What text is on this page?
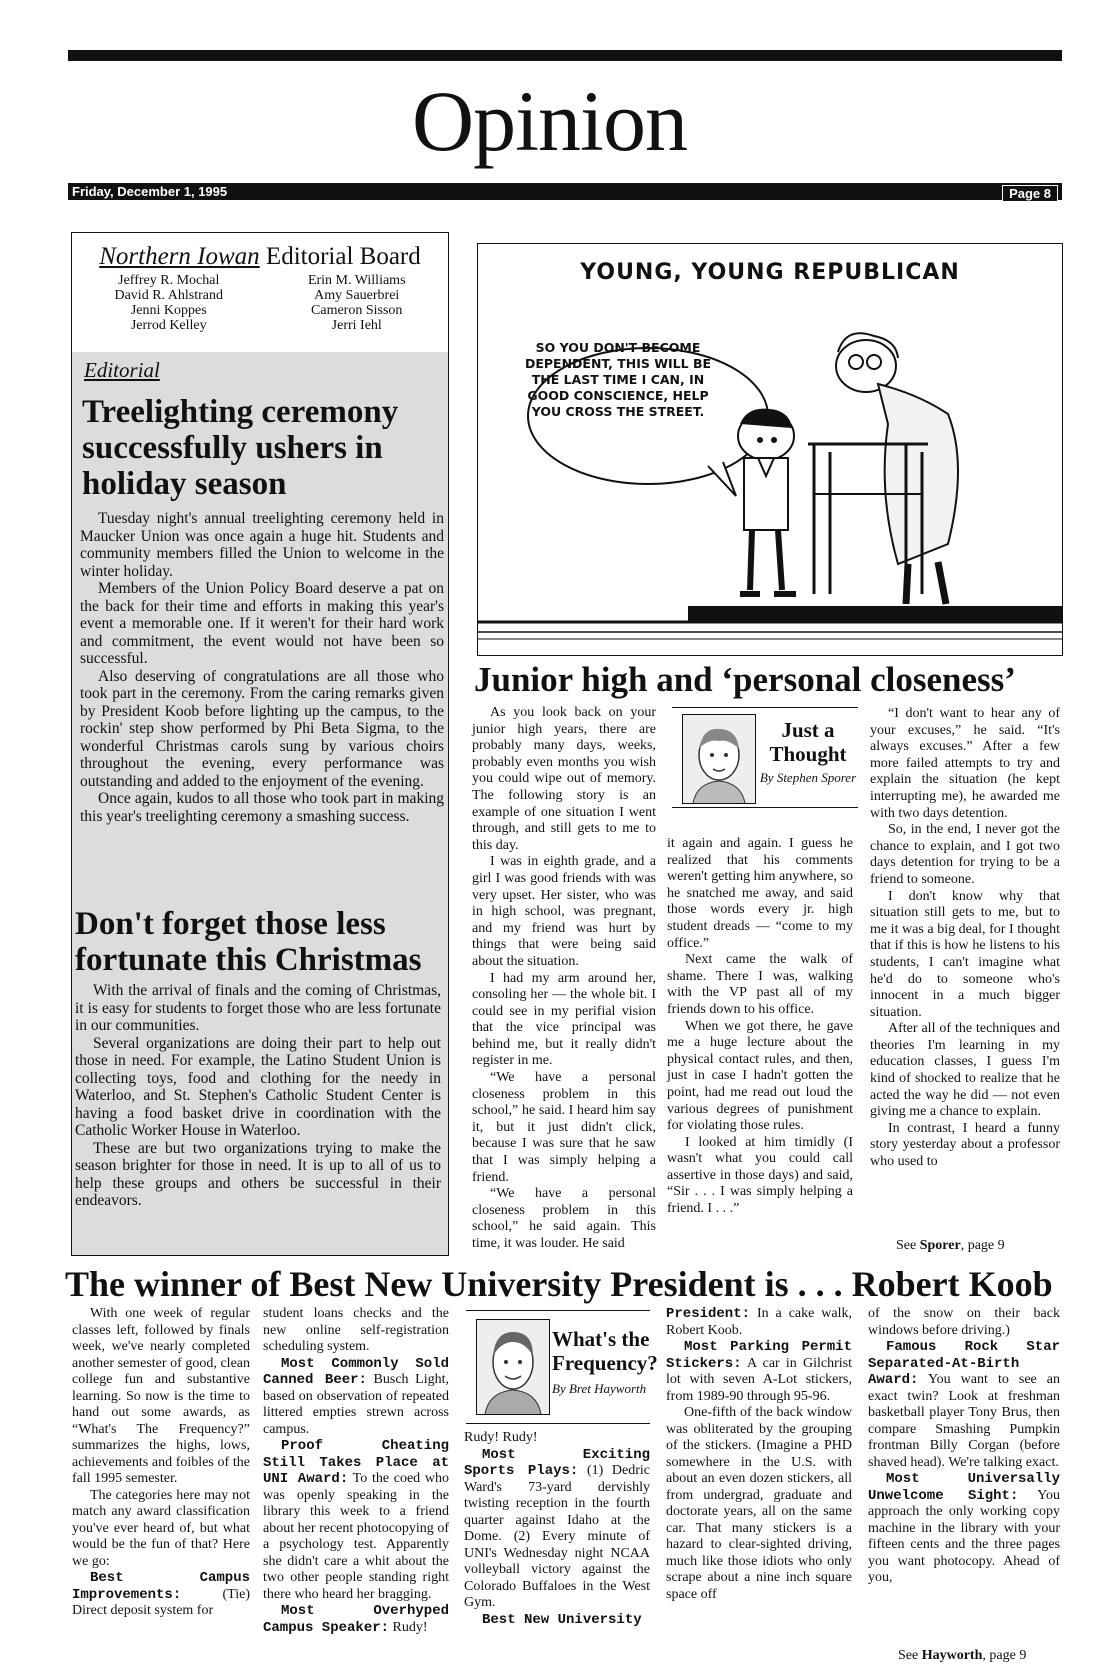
Opinion
Friday, December 1, 1995	Page 8
Northern Iowan Editorial Board
Jeffrey R. Mochal
David R. Ahlstrand
Jenni Koppes
Jerrod Kelley
Erin M. Williams
Amy Sauerbrei
Cameron Sisson
Jerri Iehl
Editorial
Treelighting ceremony successfully ushers in holiday season

Tuesday night's annual treelighting ceremony held in Maucker Union was once again a huge hit. Students and community members filled the Union to welcome in the winter holiday.

Members of the Union Policy Board deserve a pat on the back for their time and efforts in making this year's event a memorable one. If it weren't for their hard work and commitment, the event would not have been so successful.

Also deserving of congratulations are all those who took part in the ceremony. From the caring remarks given by President Koob before lighting up the campus, to the rockin' step show performed by Phi Beta Sigma, to the wonderful Christmas carols sung by various choirs throughout the evening, every performance was outstanding and added to the enjoyment of the evening.

Once again, kudos to all those who took part in making this year's treelighting ceremony a smashing success.

Don't forget those less fortunate this Christmas

With the arrival of finals and the coming of Christmas, it is easy for students to forget those who are less fortunate in our communities.

Several organizations are doing their part to help out those in need. For example, the Latino Student Union is collecting toys, food and clothing for the needy in Waterloo, and St. Stephen's Catholic Student Center is having a food basket drive in coordination with the Catholic Worker House in Waterloo.

These are but two organizations trying to make the season brighter for those in need. It is up to all of us to help these groups and others be successful in their endeavors.

YOUNG, YOUNG REPUBLICAN
SO YOU DON'T BECOME DEPENDENT, THIS WILL BE THE LAST TIME I CAN, IN GOOD CONSCIENCE, HELP YOU CROSS THE STREET.
Junior high and ‘personal closeness’

As you look back on your junior high years, there are probably many days, weeks, probably even months you wish you could wipe out of memory. The following story is an example of one situation I went through, and still gets to me to this day.

I was in eighth grade, and a girl I was good friends with was very upset. Her sister, who was in high school, was pregnant, and my friend was hurt by things that were being said about the situation.

I had my arm around her, consoling her — the whole bit. I could see in my perifial vision that the vice principal was behind me, but it really didn't register in me.

“We have a personal closeness problem in this school,” he said. I heard him say it, but it just didn't click, because I was sure that he saw that I was simply helping a friend.

“We have a personal closeness problem in this school,” he said again. This time, it was louder. He said

Just a Thought
By Stephen Sporer

it again and again. I guess he realized that his comments weren't getting him anywhere, so he snatched me away, and said those words every jr. high student dreads — “come to my office.”

Next came the walk of shame. There I was, walking with the VP past all of my friends down to his office.

When we got there, he gave me a huge lecture about the physical contact rules, and then, just in case I hadn't gotten the point, had me read out loud the various degrees of punishment for violating those rules.

I looked at him timidly (I wasn't what you could call assertive in those days) and said, “Sir . . . I was simply helping a friend. I . . .”

“I don't want to hear any of your excuses,” he said. “It's always excuses.” After a few more failed attempts to try and explain the situation (he kept interrupting me), he awarded me with two days detention.

So, in the end, I never got the chance to explain, and I got two days detention for trying to be a friend to someone.

I don't know why that situation still gets to me, but to me it was a big deal, for I thought that if this is how he listens to his students, I can't imagine what he'd do to someone who's innocent in a much bigger situation.

After all of the techniques and theories I'm learning in my education classes, I guess I'm kind of shocked to realize that he acted the way he did — not even giving me a chance to explain.

In contrast, I heard a funny story yesterday about a professor who used to

See Sporer, page 9
The winner of Best New University President is . . . Robert Koob

With one week of regular classes left, followed by finals week, we've nearly completed another semester of good, clean college fun and substantive learning. So now is the time to hand out some awards, as “What's The Frequency?” summarizes the highs, lows, achievements and foibles of the fall 1995 semester.

The categories here may not match any award classification you've ever heard of, but what would be the fun of that? Here we go:

Best Campus Improvements: (Tie) Direct deposit system for

student loans checks and the new online self-registration scheduling system.

Most Commonly Sold Canned Beer: Busch Light, based on observation of repeated littered empties strewn across campus.

Proof Cheating Still Takes Place at UNI Award: To the coed who was openly speaking in the library this week to a friend about her recent photocopying of a psychology test. Apparently she didn't care a whit about the two other people standing right there who heard her bragging.

Most Overhyped Campus Speaker: Rudy!

What's the Frequency?
By Bret Hayworth

Rudy! Rudy!

Most Exciting Sports Plays: (1) Dedric Ward's 73-yard dervishly twisting reception in the fourth quarter against Idaho at the Dome. (2) Every minute of UNI's Wednesday night NCAA volleyball victory against the Colorado Buffaloes in the West Gym.

Best New University

President: In a cake walk, Robert Koob.

Most Parking Permit Stickers: A car in Gilchrist lot with seven A-Lot stickers, from 1989-90 through 95-96.

One-fifth of the back window was obliterated by the grouping of the stickers. (Imagine a PHD somewhere in the U.S. with about an even dozen stickers, all from undergrad, graduate and doctorate years, all on the same car. That many stickers is a hazard to clear-sighted driving, much like those idiots who only scrape about a nine inch square space off

of the snow on their back windows before driving.)

Famous Rock Star Separated-At-Birth Award: You want to see an exact twin? Look at freshman basketball player Tony Brus, then compare Smashing Pumpkin frontman Billy Corgan (before shaved head). We're talking exact.

Most Universally Unwelcome Sight: You approach the only working copy machine in the library with your fifteen cents and the three pages you want photocopy. Ahead of you,

See Hayworth, page 9
